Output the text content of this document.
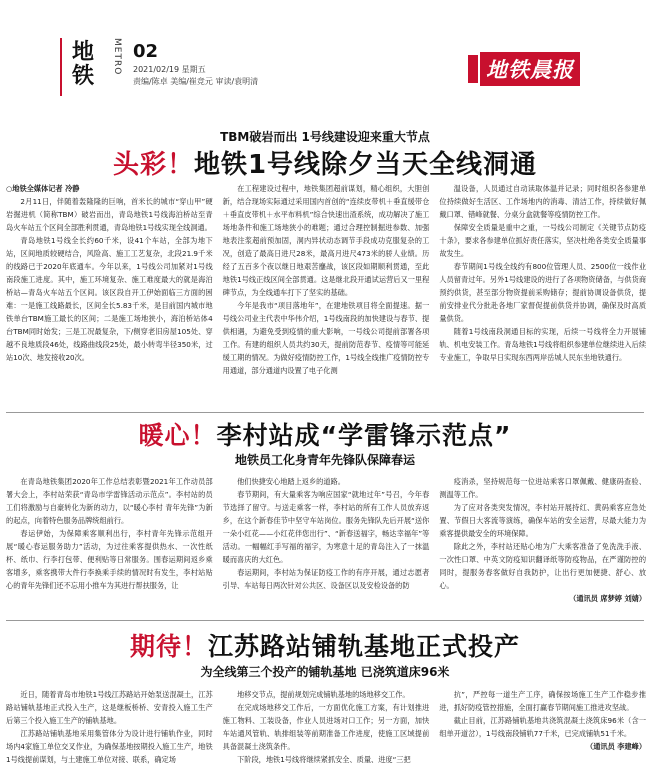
地铁
METRO 02
2021/02/19 星期五
责编/陈卓 美编/崔竞元 审读/袁明清	地铁晨报
TBM破岩而出 1号线建设迎来重大节点
头彩！地铁1号线除夕当天全线洞通

○地铁全媒体记者 冷静

2月11日，伴随着轰隆隆的巨响，首米长的城市“穿山甲”硬岩掘进机（简称TBM）破岩而出，青岛地铁1号线海泊桥站至青岛火车站五个区间全部胜利贯通，青岛地铁1号线实现全线洞通。

青岛地铁1号线全长约60千米，设41个车站，全部为地下站，区间地质较硬结合，风险高、施工工艺复杂，北段21.9千米的线路已于2020年底通车。今年以来，1号线公司加紧对1号线南段施工进度。其中，施工环境复杂、施工难度最大的就是海泊桥站—青岛火车站五个区间。该区段自开工伊始面临三方面的困难：一是施工线路最长，区间全长5.83千米，是目前国内城市地铁单台TBM施工最长的区间；二是施工场地狭小，海泊桥站体4台TBM同时始发；三是工况最复杂，下/侧穿老旧房屋105处、穿越不良地质段46处，线路曲线段25处，最小转弯半径350米，过站10次、地发接收20次。

在工程建设过程中，地铁集团超前谋划，精心组织，大胆创新，结合现场实际通过采用国内首创的“连续皮带机＋垂直缓带仓＋垂直皮带机＋水平布料机”综合快速出渣系统，成功解决了施工场地条件和施工场地狭小的难题；通过合理控制掘进参数、加强地表注浆超前预加固，洞内异状动态调节手段成功克服复杂的工况，创造了最高日进尺28米，最高月进尺473米的骄人业绩。历经了五百多个夜以继日地艰苦鏖战，该区段如期顺利贯通，至此地铁1号线正线区间全部贯通。这是继北段开通试运营后又一里程碑节点，为全线通车打下了坚实的基础。

今年是我市“项目落地年”，在建地铁项目将全面提速。据一号线公司业主代表中华伟介绍，1号线南段的加快建设与春节、提供相遇，为避免受到疫情的重大影响，一号线公司提前部署各项工作。有建的组织人员共约30天，提前防范春节、疫情等可能延缓工期的情况。为做好疫情防控工作，1号线全线推广疫情防控专用通道，部分通道内设置了电子化测

温设备，人员通过自动读取体温并记录；同时组织各参建单位持续做好生活区、工作场地内的消毒、清洁工作，持续做好佩戴口罩、错峰就餐、分桌分盒就餐等疫情防控工作。

保障安全质量是重中之重，一号线公司制定《关键节点防疫十条》，要求各参建单位抓好责任落实，坚决杜绝各类安全质量事故发生。

春节期间1号线全线约有800位管理人员、2500位一线作业人员留青过年。另外1号线建设的进行了各项物资储备，与供货商预约供货，甚至部分物资提前采购储存；提前协调设备供货，提前安排业代分批赴各地厂家督促提前供货并协调，确保及时高质量供货。

随着1号线南段洞通目标的实现，后续一号线将全力开展铺轨、机电安装工作。青岛地铁1号线将组织参建单位继续进入后续专业施工，争取早日实现东西两岸岳城人民东坐地铁通行。

暖心！李村站成“学雷锋示范点”
地铁员工化身青年先锋队保障春运

在青岛地铁集团2020年工作总结表彰暨2021年工作动员部署大会上，李村站荣获“青岛市学雷锋活动示范点”。李村站的员工们将激励与自豪转化为新的动力，以“暖心李村 青年先锋”为新的起点，向着特色服务品牌统组前行。

春运伊始，为保障乘客顺利出行，李村青年先锋示范组开展“暖心春运服务助力”活动，为过往乘客提供热水、一次性纸杯、纸巾、行李打包带、便利贴等日常服务。围春运期间返乡乘客增多，乘客携带大件行李换乘手续的情况时有发生，李村站贴心的青年先锋们还不忘用小推车为其进行帮扶服务，让

他们快捷安心地踏上返乡的道路。

春节期间，有大量乘客为响应国家“就地过年”号召，今年春节选择了留守。与送走乘客一样，李村站的所有工作人员放弃返乡，在这个新春佳节中坚守车站岗位。服务先锋队先后开展“送你一朵小红花——小红花伴您出行”、“新春送福字，畅达幸福年”等活动。一幅幅红手写福的福字，为寒意十足的青岛注入了一抹温暖而喜庆的大红色。

春运期间，李村站为保证防疫工作的有序开展，通过志愿者引导、车站每日两次针对公共区、设备区以及安检设备的防

疫消杀，坚持规范每一位进站乘客口罩佩戴、健康码查验、测温等工作。

为了应对各类突发情况，李村站开展持红、黄码乘客应急处置、节假日大客流等演练，确保车站的安全运营，尽最大能力为乘客提供最安全的环境保障。

除此之外，李村站还贴心地为广大乘客准备了免洗洗手液、一次性口罩、中英文防疫知识翻译纸等防疫物品，在严谨防控的同时，提服务春客做好自我防护，让出行更加便捷、舒心、放心。

（通讯员 席梦婷 刘婧）
期待！江苏路站铺轨基地正式投产
为全线第三个投产的铺轨基地 已浇筑道床96米

近日，随着青岛市地铁1号线江苏路站开始泵送混凝土，江苏路站铺轨基地正式投入生产，这是继板桥桥、安青投入施工生产后第三个投入施工生产的铺轨基地。

江苏路站铺轨基地采用集管体分为设计进行铺轨作业，同时场内4家施工单位交叉作业，为确保基地按期投入施工生产，地铁1号线提前谋划，与土建施工单位对接、联系，确定场

地移交节点，提前规划完成铺轨基地的场地移交工作。

在完成场地移交工作后，一方面优化施工方案，有计划推进施工物料、工装设备，作业人员进场对口工作；另一方面，加快车站通风管轨、轨排组装等前期准备工作进度，使施工区域提前具备混凝土浇筑条件。

下阶段，地铁1号线将继续紧抓安全、质量、进度“三把

抗”，严控每一道生产工序，确保按场施工生产工作稳步推进，抓好防疫管控措施，全面打赢春节期间施工推进攻坚战。

截止目前，江苏路铺轨基地共浇筑混凝土浇筑床96米（含一组单开道岔），1号线南段铺轨77千米，已完成铺轨51千米。

（通讯员 李建峰）
